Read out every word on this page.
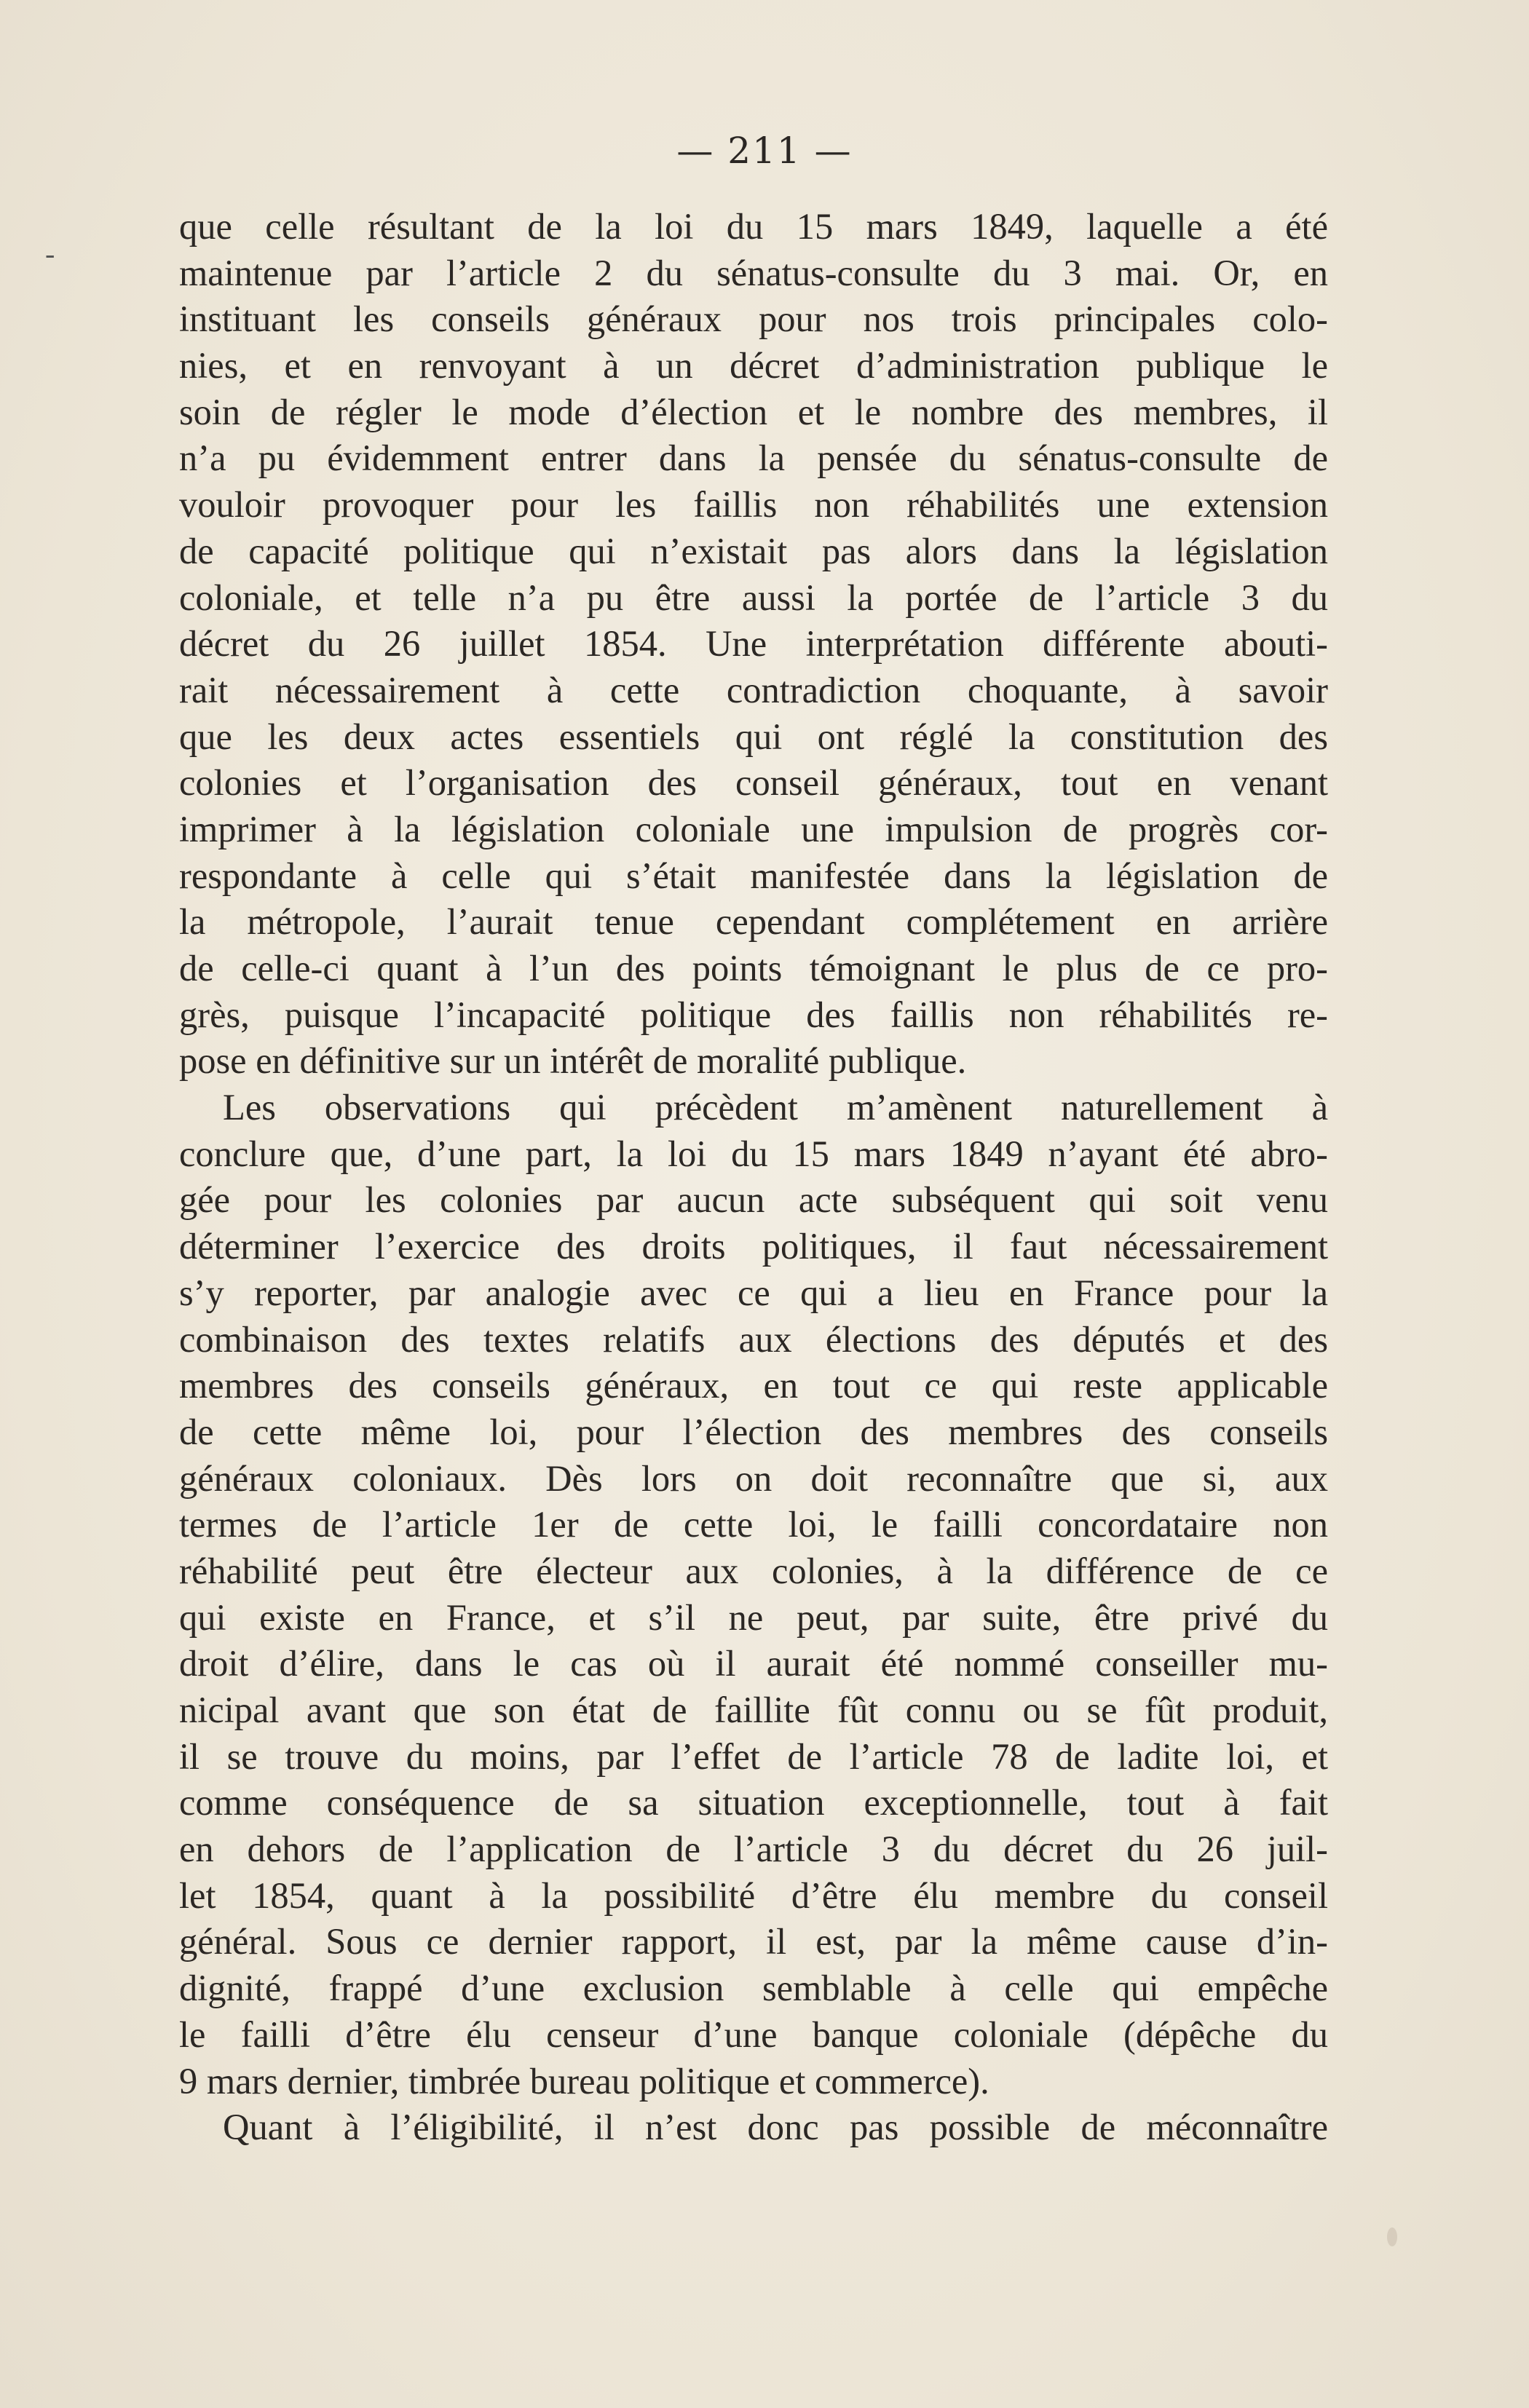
-
— 211 —
que celle résultant de la loi du 15 mars 1849, laquelle a été
maintenue par l’article 2 du sénatus-consulte du 3 mai. Or, en
instituant les conseils généraux pour nos trois principales colo-
nies, et en renvoyant à un décret d’administration publique le
soin de régler le mode d’élection et le nombre des membres, il
n’a pu évidemment entrer dans la pensée du sénatus-consulte de
vouloir provoquer pour les faillis non réhabilités une extension
de capacité politique qui n’existait pas alors dans la législation
coloniale, et telle n’a pu être aussi la portée de l’article 3 du
décret du 26 juillet 1854. Une interprétation différente abouti-
rait nécessairement à cette contradiction choquante, à savoir
que les deux actes essentiels qui ont réglé la constitution des
colonies et l’organisation des conseil généraux, tout en venant
imprimer à la législation coloniale une impulsion de progrès cor-
respondante à celle qui s’était manifestée dans la législation de
la métropole, l’aurait tenue cependant complétement en arrière
de celle-ci quant à l’un des points témoignant le plus de ce pro-
grès, puisque l’incapacité politique des faillis non réhabilités re-
pose en définitive sur un intérêt de moralité publique.
Les observations qui précèdent m’amènent naturellement à
conclure que, d’une part, la loi du 15 mars 1849 n’ayant été abro-
gée pour les colonies par aucun acte subséquent qui soit venu
déterminer l’exercice des droits politiques, il faut nécessairement
s’y reporter, par analogie avec ce qui a lieu en France pour la
combinaison des textes relatifs aux élections des députés et des
membres des conseils généraux, en tout ce qui reste applicable
de cette même loi, pour l’élection des membres des conseils
généraux coloniaux. Dès lors on doit reconnaître que si, aux
termes de l’article 1er de cette loi, le failli concordataire non
réhabilité peut être électeur aux colonies, à la différence de ce
qui existe en France, et s’il ne peut, par suite, être privé du
droit d’élire, dans le cas où il aurait été nommé conseiller mu-
nicipal avant que son état de faillite fût connu ou se fût produit,
il se trouve du moins, par l’effet de l’article 78 de ladite loi, et
comme conséquence de sa situation exceptionnelle, tout à fait
en dehors de l’application de l’article 3 du décret du 26 juil-
let 1854, quant à la possibilité d’être élu membre du conseil
général. Sous ce dernier rapport, il est, par la même cause d’in-
dignité, frappé d’une exclusion semblable à celle qui empêche
le failli d’être élu censeur d’une banque coloniale (dépêche du
9 mars dernier, timbrée bureau politique et commerce).
Quant à l’éligibilité, il n’est donc pas possible de méconnaître
